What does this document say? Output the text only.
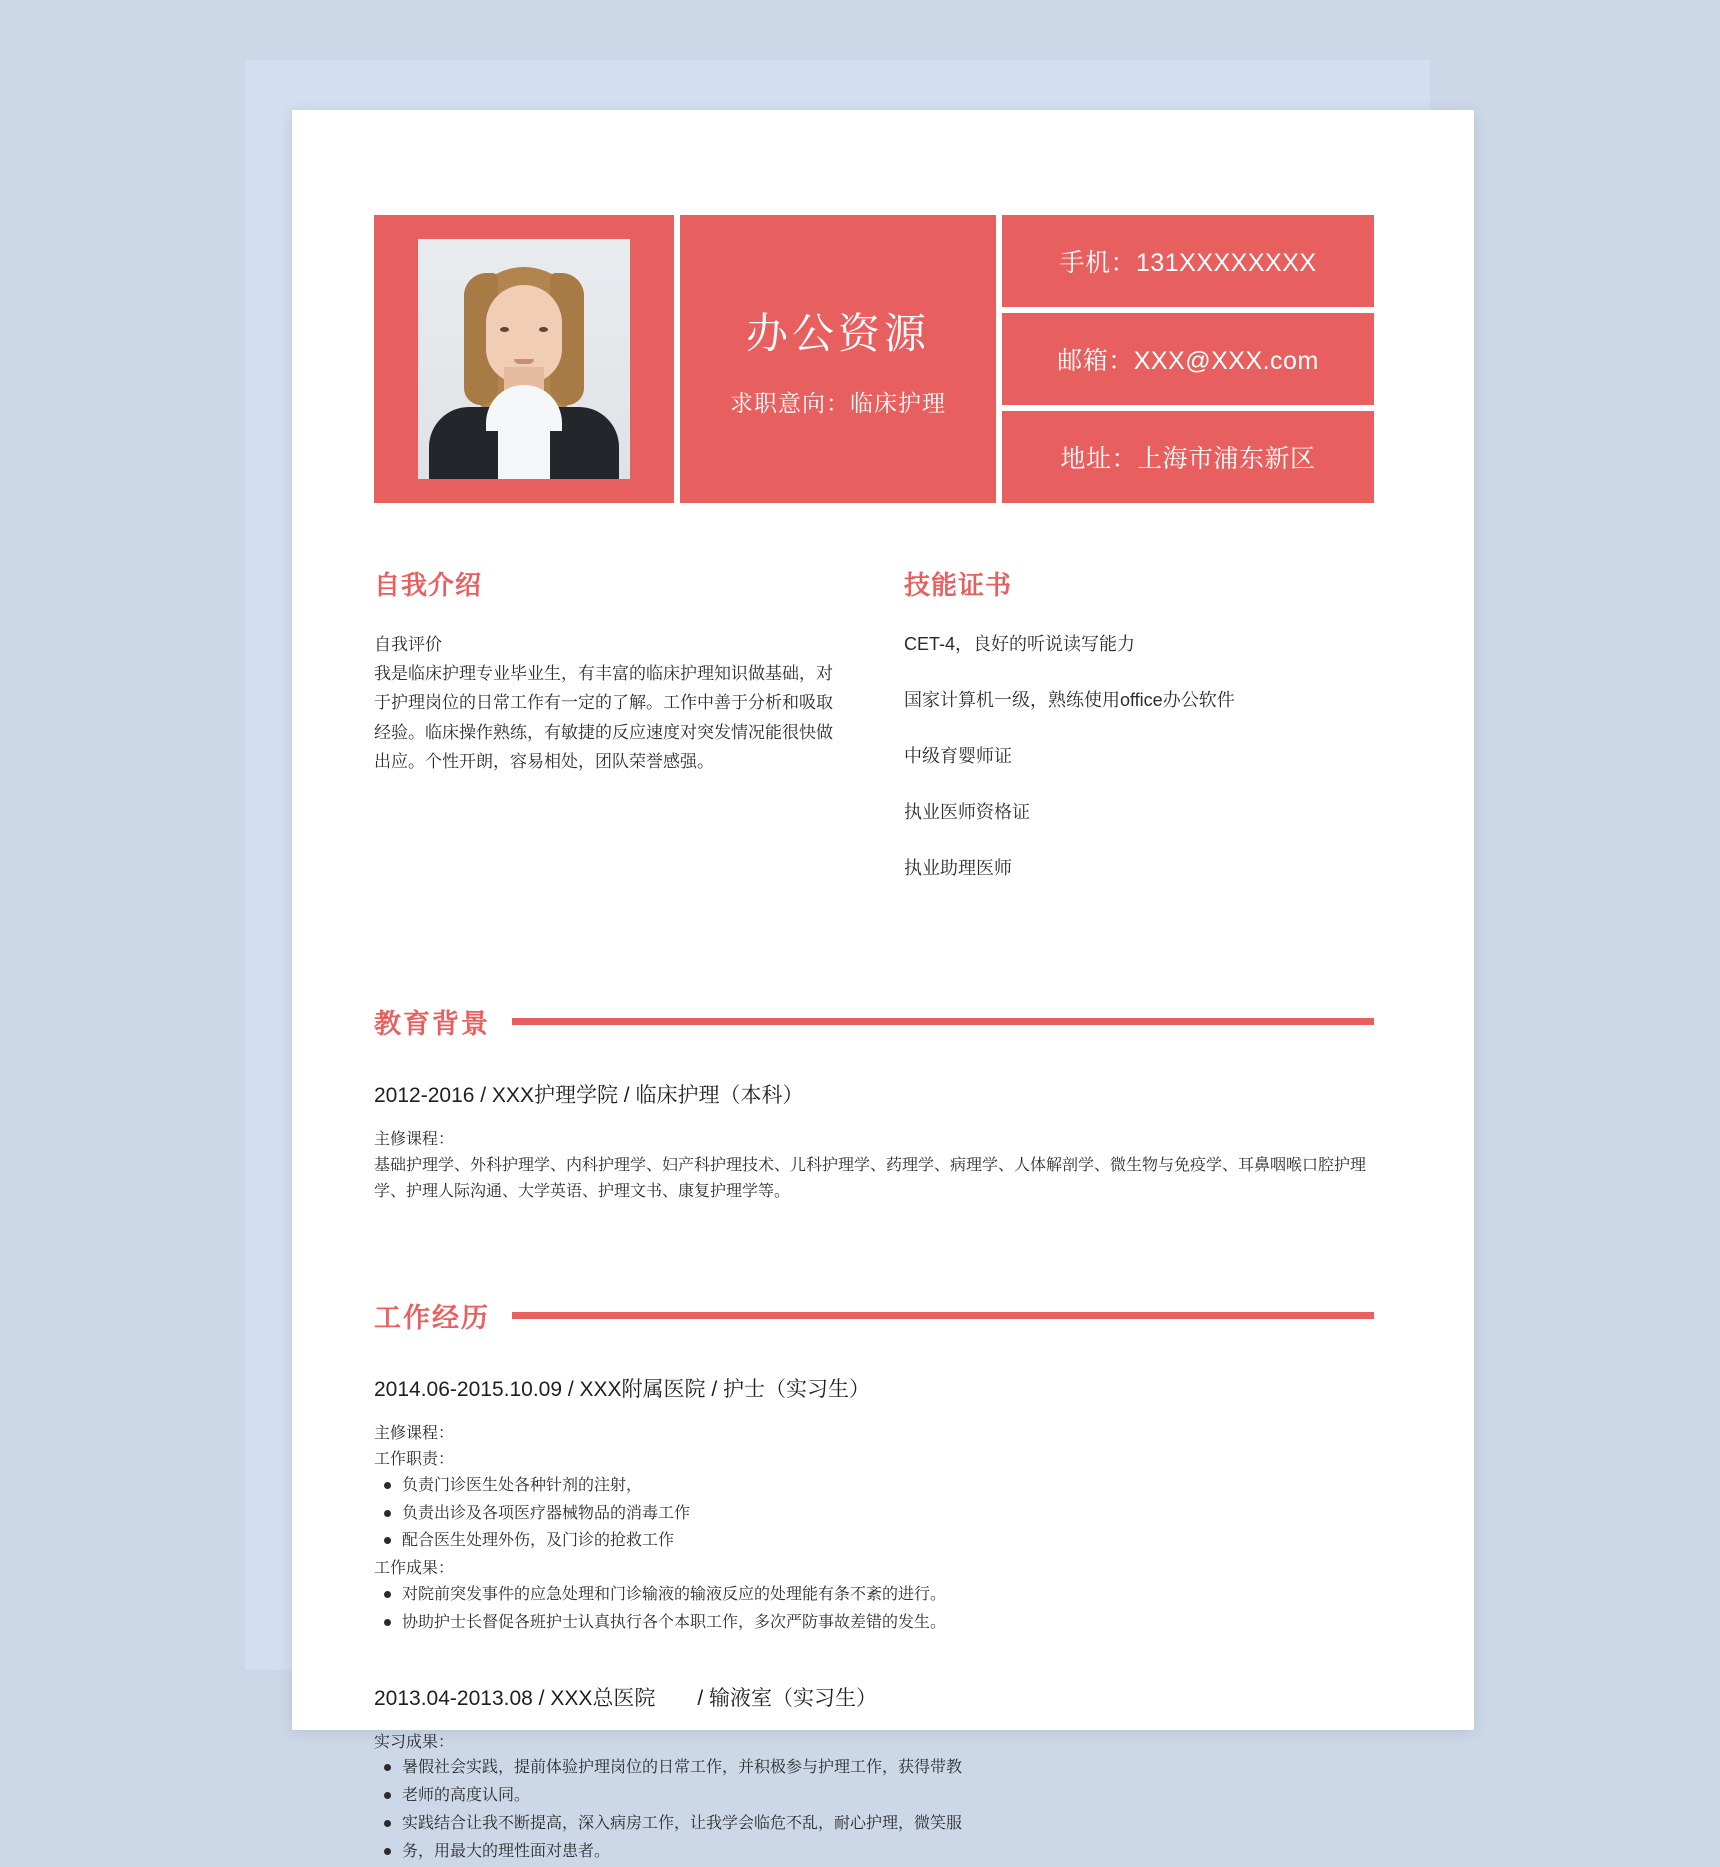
办公资源
求职意向：临床护理
手机：131XXXXXXXX
邮箱：XXX@XXX.com
地址：上海市浦东新区
自我介绍
自我评价
我是临床护理专业毕业生，有丰富的临床护理知识做基础，对于护理岗位的日常工作有一定的了解。工作中善于分析和吸取经验。临床操作熟练，有敏捷的反应速度对突发情况能很快做出应。个性开朗，容易相处，团队荣誉感强。
技能证书
CET-4，良好的听说读写能力
国家计算机一级，熟练使用office办公软件
中级育婴师证
执业医师资格证
执业助理医师
教育背景
2012-2016 / XXX护理学院 / 临床护理（本科）
主修课程：
基础护理学、外科护理学、内科护理学、妇产科护理技术、儿科护理学、药理学、病理学、人体解剖学、微生物与免疫学、耳鼻咽喉口腔护理学、护理人际沟通、大学英语、护理文书、康复护理学等。
工作经历
2014.06-2015.10.09 / XXX附属医院 / 护士（实习生）
主修课程：
工作职责：
负责门诊医生处各种针剂的注射，
负责出诊及各项医疗器械物品的消毒工作
配合医生处理外伤，及门诊的抢救工作
工作成果：
对院前突发事件的应急处理和门诊输液的输液反应的处理能有条不紊的进行。
协助护士长督促各班护士认真执行各个本职工作，多次严防事故差错的发生。
2013.04-2013.08 / XXX总医院　　/ 输液室（实习生）
实习成果：
暑假社会实践，提前体验护理岗位的日常工作，并积极参与护理工作，获得带教
老师的高度认同。
实践结合让我不断提高，深入病房工作，让我学会临危不乱，耐心护理，微笑服
务，用最大的理性面对患者。
